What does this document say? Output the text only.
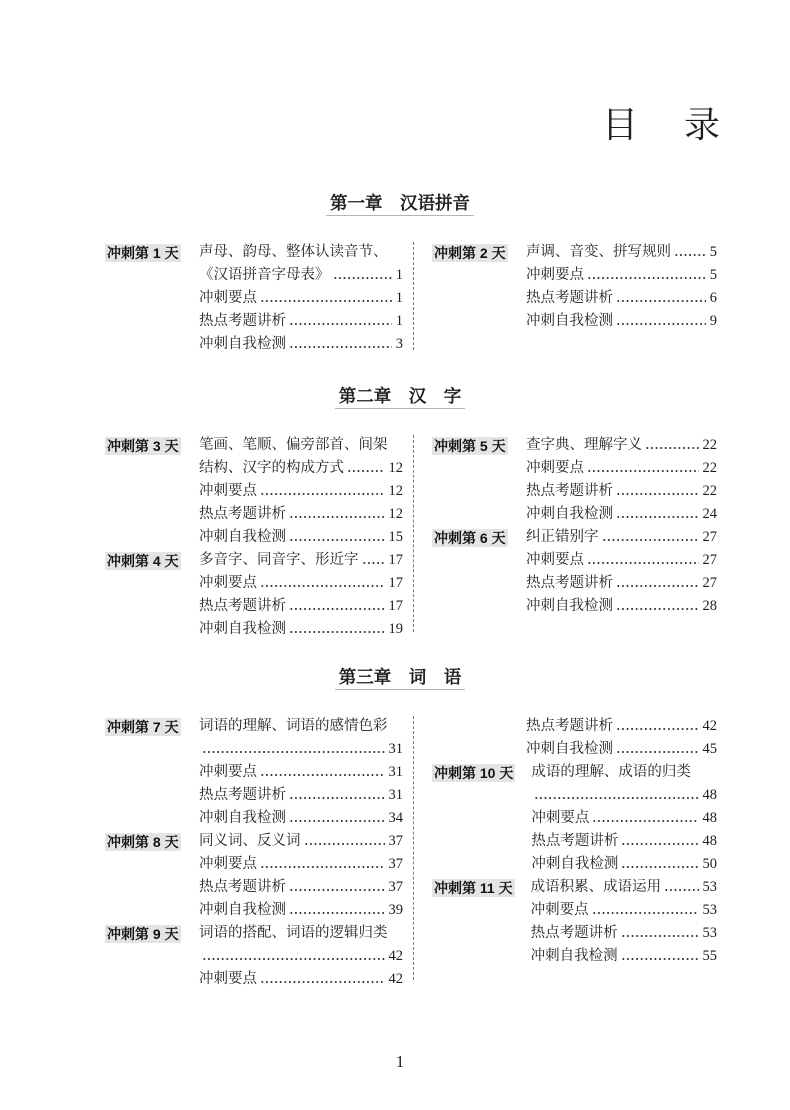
目　录
第一章　汉语拼音
冲刺第 1 天	声母、韵母、整体认读音节、
《汉语拼音字母表》	1
冲刺要点	1
热点考题讲析	1
冲刺自我检测	3
冲刺第 2 天	声调、音变、拼写规则	5
冲刺要点	5
热点考题讲析	6
冲刺自我检测	9
第二章　汉　字
冲刺第 3 天	笔画、笔顺、偏旁部首、间架
结构、汉字的构成方式	12
冲刺要点	12
热点考题讲析	12
冲刺自我检测	15
冲刺第 4 天	多音字、同音字、形近字 17
冲刺要点	17
热点考题讲析	17
冲刺自我检测	19
冲刺第 5 天	查字典、理解字义	22
冲刺要点	22
热点考题讲析	22
冲刺自我检测	24
冲刺第 6 天	纠正错别字	27
冲刺要点	27
热点考题讲析	27
冲刺自我检测	28
第三章　词　语
冲刺第 7 天	词语的理解、词语的感情色彩
31
冲刺要点	31
热点考题讲析	31
冲刺自我检测	34
冲刺第 8 天	同义词、反义词	37
冲刺要点	37
热点考题讲析	37
冲刺自我检测	39
冲刺第 9 天	词语的搭配、词语的逻辑归类
42
冲刺要点	42
热点考题讲析	42
冲刺自我检测	45
冲刺第 10 天	成语的理解、成语的归类
48
冲刺要点	48
热点考题讲析	48
冲刺自我检测	50
冲刺第 11 天	成语积累、成语运用	53
冲刺要点	53
热点考题讲析	53
冲刺自我检测	55
1
